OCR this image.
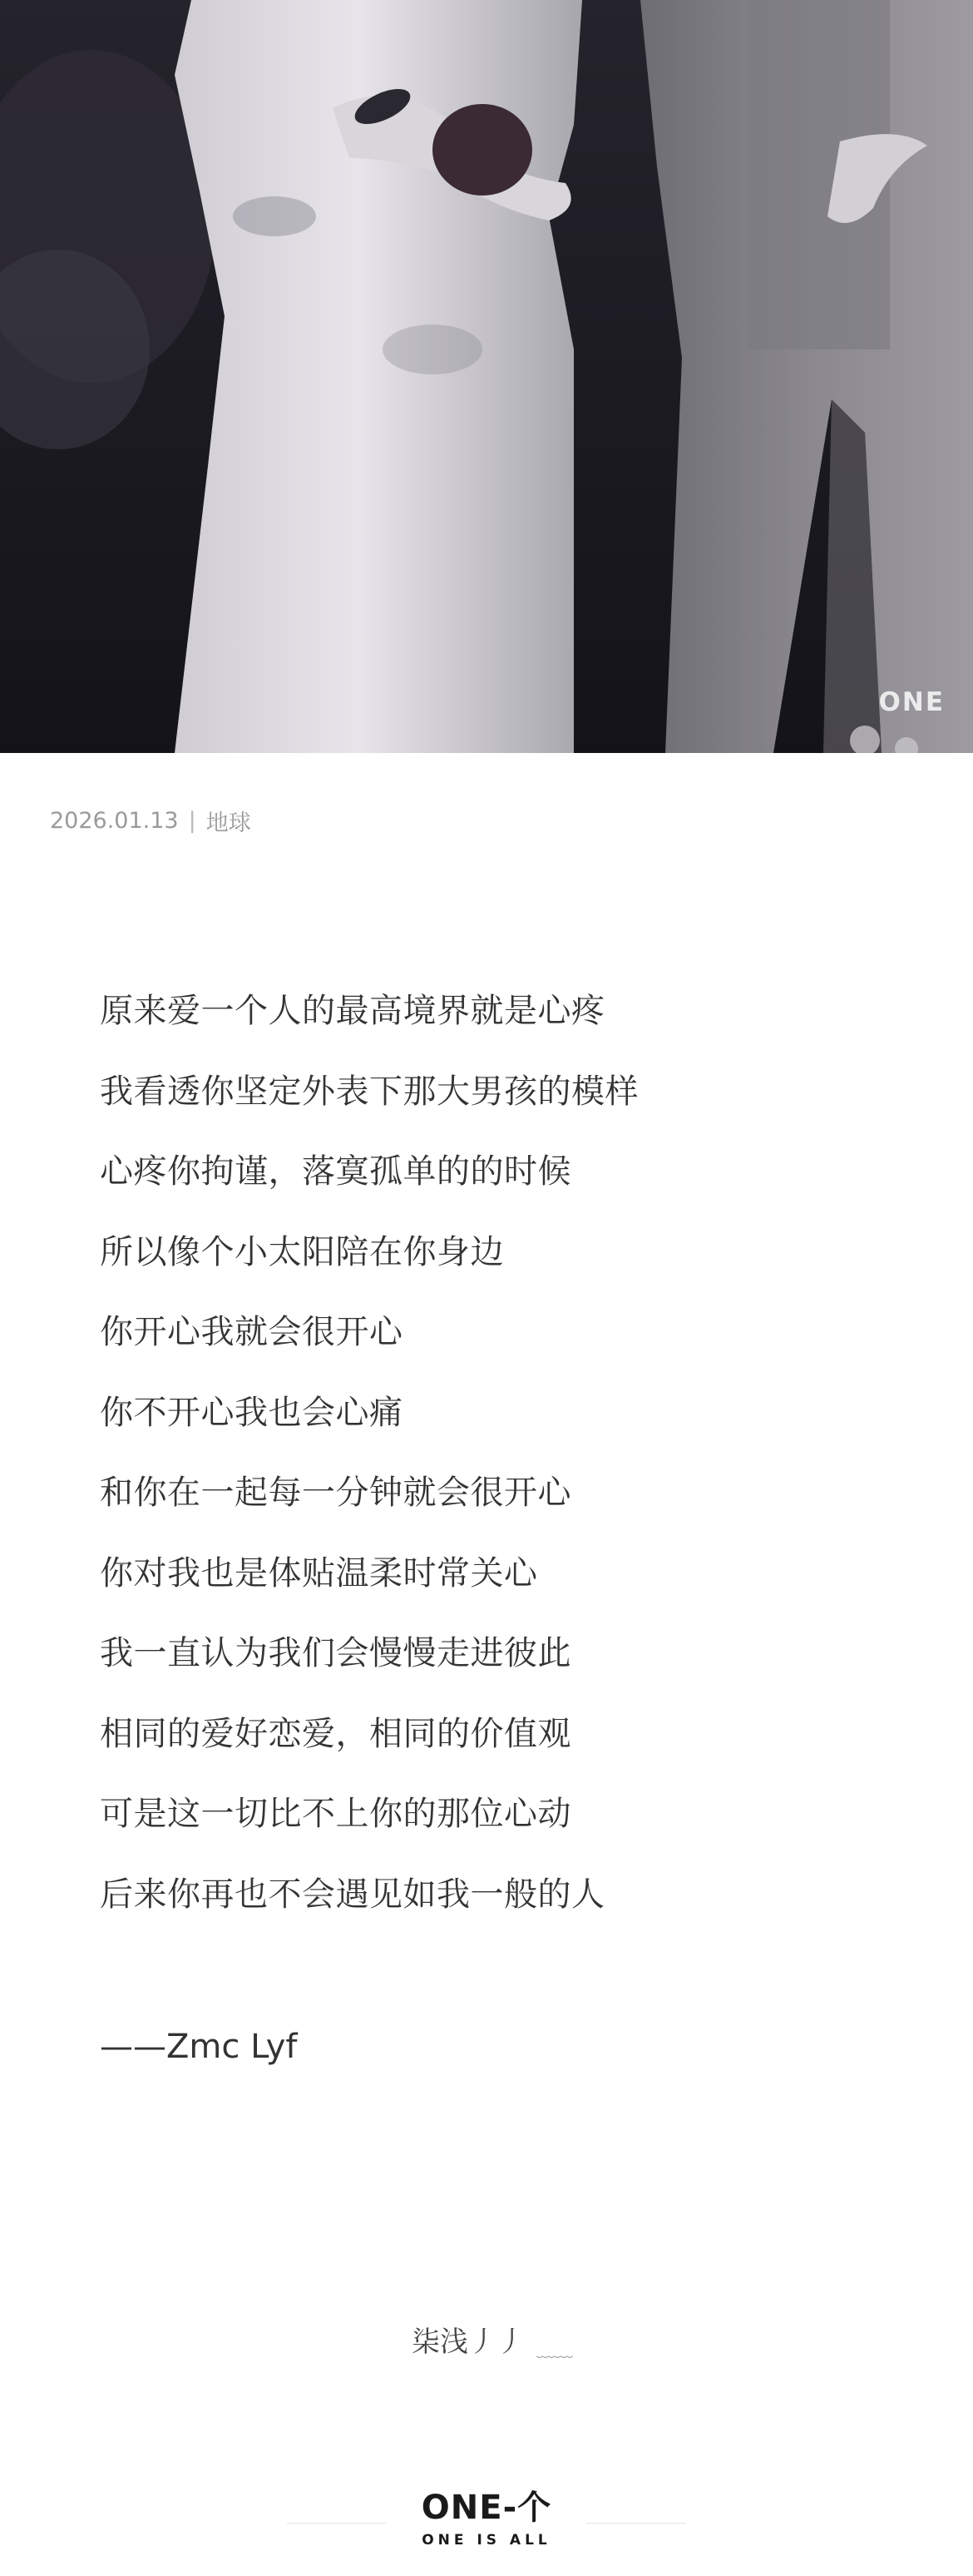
ONE
2026.01.13 | 地球
原来爱一个人的最高境界就是心疼
我看透你坚定外表下那大男孩的模样
心疼你拘谨，落寞孤单的的时候
所以像个小太阳陪在你身边
你开心我就会很开心
你不开心我也会心痛
和你在一起每一分钟就会很开心
你对我也是体贴温柔时常关心
我一直认为我们会慢慢走进彼此
相同的爱好恋爱，相同的价值观
可是这一切比不上你的那位心动
后来你再也不会遇见如我一般的人
——Zmc Lyf
柒浅丿丿 ﹏﹏
ONE-个
ONE IS ALL
